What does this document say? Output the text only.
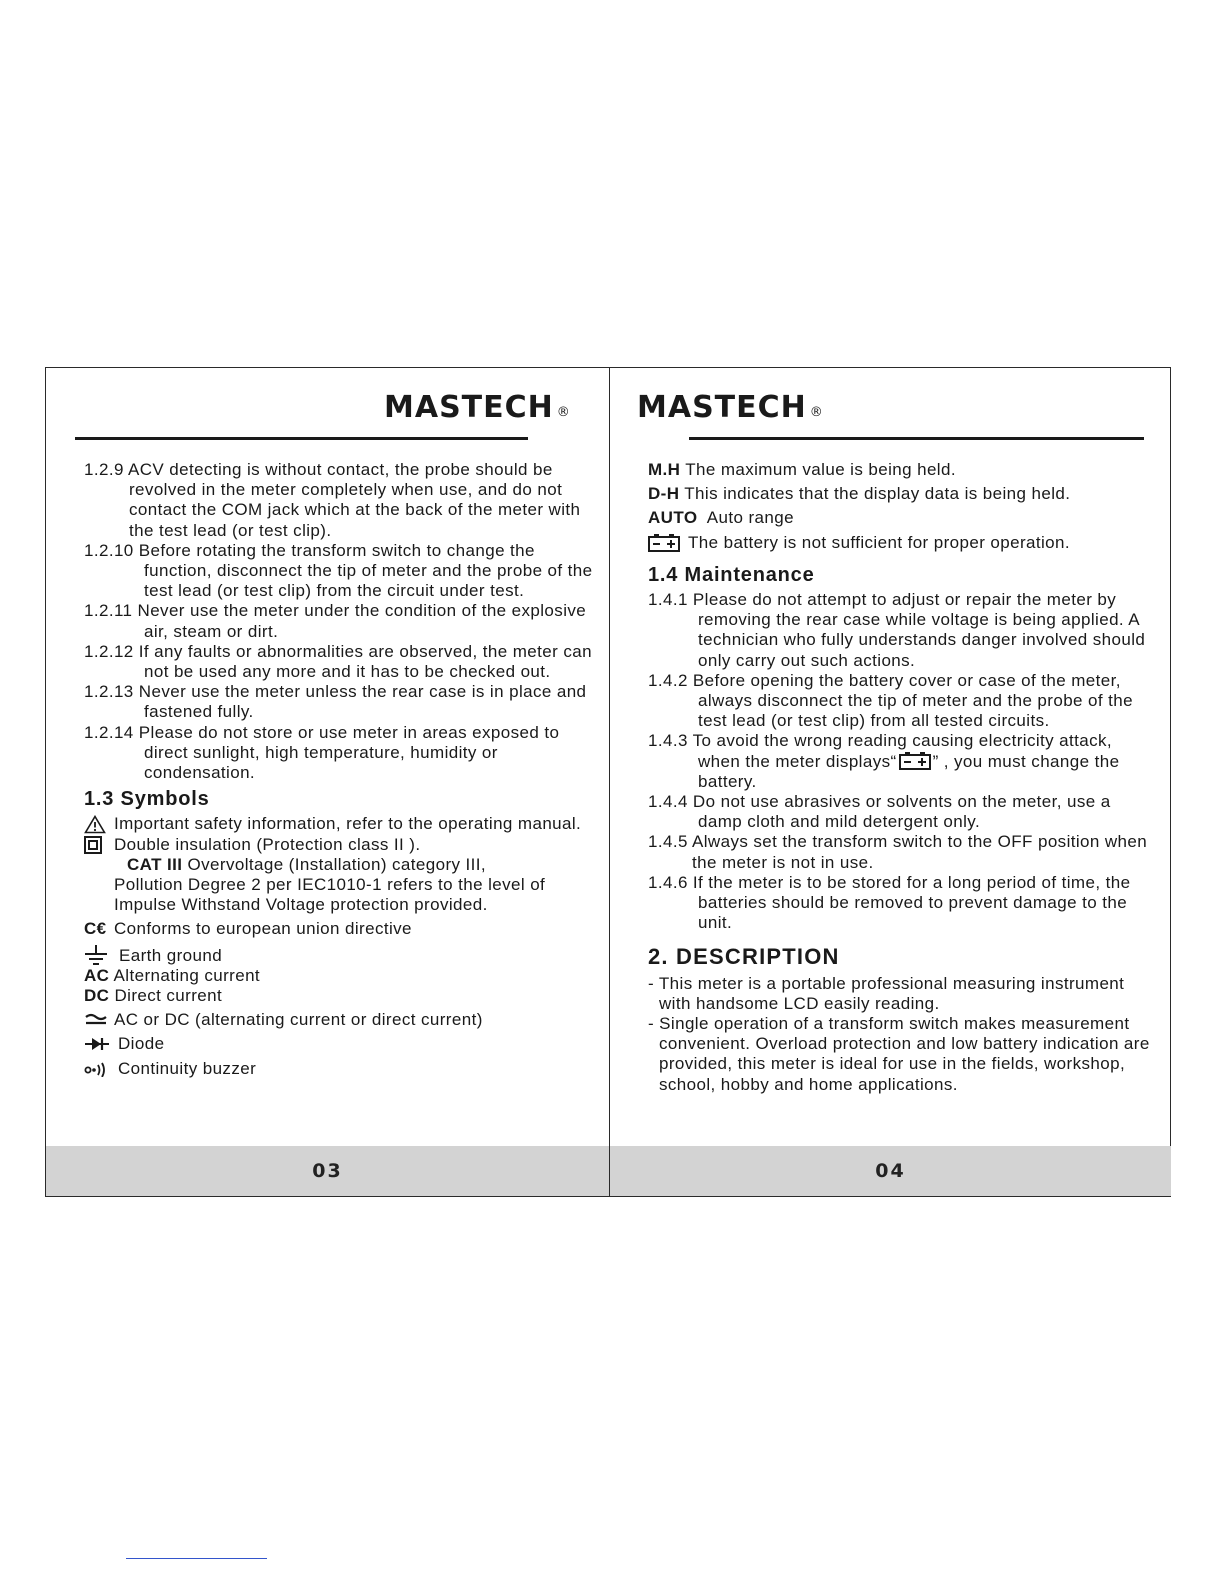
MASTECH ®
1.2.9 ACV detecting is without contact, the probe should be revolved in the meter completely when use, and do not contact the COM jack which at the back of the meter with the test lead (or test clip).
1.2.10 Before rotating the transform switch to change the function, disconnect the tip of meter and the probe of the test lead (or test clip) from the circuit under test.
1.2.11 Never use the meter under the condition of the explosive air, steam or dirt.
1.2.12 If any faults or abnormalities are observed, the meter can not be used any more and it has to be checked out.
1.2.13 Never use the meter unless the rear case is in place and fastened fully.
1.2.14 Please do not store or use meter in areas exposed to direct sunlight, high temperature, humidity or condensation.
1.3 Symbols
Important safety information, refer to the operating manual.
Double insulation (Protection class II ).
CAT III Overvoltage (Installation) category III,
Pollution Degree 2 per IEC1010-1 refers to the level of Impulse Withstand Voltage protection provided.
C€ Conforms to european union directive
Earth ground
AC Alternating current
DC Direct current
AC or DC (alternating current or direct current)
Diode
Continuity buzzer
03
MASTECH ®
M.H The maximum value is being held.
D-H This indicates that the display data is being held.
AUTO Auto range
The battery is not sufficient for proper operation.
1.4 Maintenance
1.4.1 Please do not attempt to adjust or repair the meter by removing the rear case while voltage is being applied. A technician who fully understands danger involved should only carry out such actions.
1.4.2 Before opening the battery cover or case of the meter, always disconnect the tip of meter and the probe of the test lead (or test clip) from all tested circuits.
1.4.3 To avoid the wrong reading causing electricity attack, when the meter displays“ ” , you must change the battery.
1.4.4 Do not use abrasives or solvents on the meter, use a damp cloth and mild detergent only.
1.4.5 Always set the transform switch to the OFF position when the meter is not in use.
1.4.6 If the meter is to be stored for a long period of time, the batteries should be removed to prevent damage to the unit.
2. DESCRIPTION
- This meter is a portable professional measuring instrument with handsome LCD easily reading.
- Single operation of a transform switch makes measurement convenient. Overload protection and low battery indication are provided, this meter is ideal for use in the fields, workshop, school, hobby and home applications.
04
